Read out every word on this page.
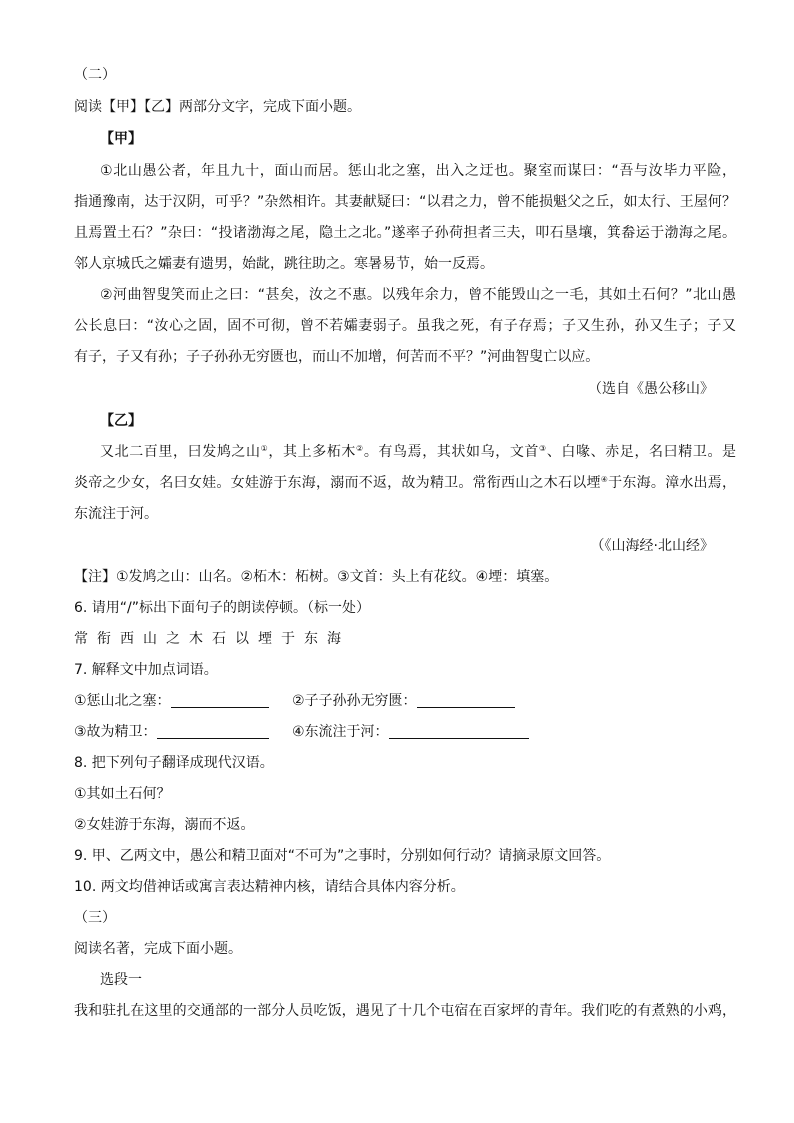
（二）
阅读【甲】【乙】两部分文字，完成下面小题。
【甲】
①北山愚公者，年且九十，面山而居。惩山北之塞，出入之迂也。聚室而谋曰：“吾与汝毕力平险，
指通豫南，达于汉阴，可乎？”杂然相许。其妻献疑曰：“以君之力，曾不能损魁父之丘，如太行、王屋何？
且焉置土石？”杂曰：“投诸渤海之尾，隐土之北。”遂率子孙荷担者三夫，叩石垦壤，箕畚运于渤海之尾。
邻人京城氏之孀妻有遗男，始龀，跳往助之。寒暑易节，始一反焉。
②河曲智叟笑而止之曰：“甚矣，汝之不惠。以残年余力，曾不能毁山之一毛，其如土石何？”北山愚
公长息曰：“汝心之固，固不可彻，曾不若孀妻弱子。虽我之死，有子存焉；子又生孙，孙又生子；子又
有子，子又有孙；子子孙孙无穷匮也，而山不加增，何苦而不平？”河曲智叟亡以应。
（选自《愚公移山》
【乙】
又北二百里，曰发鸠之山①，其上多柘木②。有鸟焉，其状如乌，文首③、白喙、赤足，名曰精卫。是
炎帝之少女，名曰女娃。女娃游于东海，溺而不返，故为精卫。常衔西山之木石以堙④于东海。漳水出焉，
东流注于河。
（《山海经·北山经》
【注】①发鸠之山：山名。②柘木：柘树。③文首：头上有花纹。④堙：填塞。
6. 请用“/”标出下面句子的朗读停顿。（标一处）
常衔西山之木石以堙于东海
7. 解释文中加点词语。
①惩山北之塞：	②子子孙孙无穷匮：
③故为精卫：	④东流注于河：
8. 把下列句子翻译成现代汉语。
①其如土石何？
②女娃游于东海，溺而不返。
9. 甲、乙两文中，愚公和精卫面对“不可为”之事时，分别如何行动？请摘录原文回答。
10. 两文均借神话或寓言表达精神内核，请结合具体内容分析。
（三）
阅读名著，完成下面小题。
选段一
我和驻扎在这里的交通部的一部分人员吃饭，遇见了十几个屯宿在百家坪的青年。我们吃的有煮熟的小鸡，
